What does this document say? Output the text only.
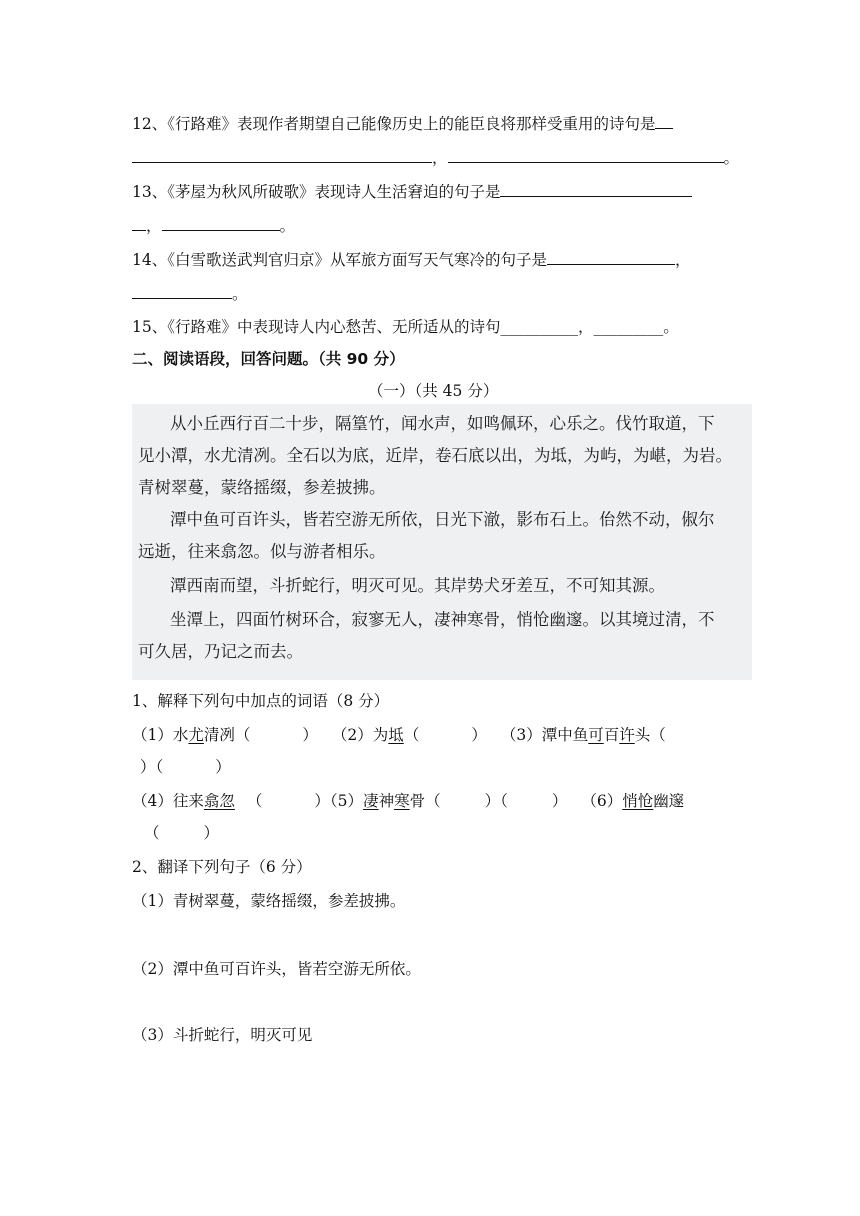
12、《行路难》表现作者期望自己能像历史上的能臣良将那样受重用的诗句是
，	。
13、《茅屋为秋风所破歌》表现诗人生活窘迫的句子是
，	。
14、《白雪歌送武判官归京》从军旅方面写天气寒冷的句子是	，
。
15、《行路难》中表现诗人内心愁苦、无所适从的诗句__________，_________。
二、阅读语段，回答问题。（共 90 分）
（一）（共 45 分）
从小丘西行百二十步，隔篁竹，闻水声，如鸣佩环，心乐之。伐竹取道，下
见小潭，水尤清冽。全石以为底，近岸，卷石底以出，为坻，为屿，为嵁，为岩。
青树翠蔓，蒙络摇缀，参差披拂。
潭中鱼可百许头，皆若空游无所依，日光下澈，影布石上。佁然不动，俶尔
远逝，往来翕忽。似与游者相乐。
潭西南而望，斗折蛇行，明灭可见。其岸势犬牙差互，不可知其源。
坐潭上，四面竹树环合，寂寥无人，凄神寒骨，悄怆幽邃。以其境过清，不
可久居，乃记之而去。
1、解释下列句中加点的词语（8 分）
（1）水尤清冽（	） （2）为坻（	） （3）潭中鱼可百许头（
）（	）
（4）往来翕忽 （	）（5）凄神寒骨（	）（	） （6）悄怆幽邃
（	）
2、翻译下列句子（6 分）
（1）青树翠蔓，蒙络摇缀，参差披拂。
（2）潭中鱼可百许头，皆若空游无所依。
（3）斗折蛇行，明灭可见
